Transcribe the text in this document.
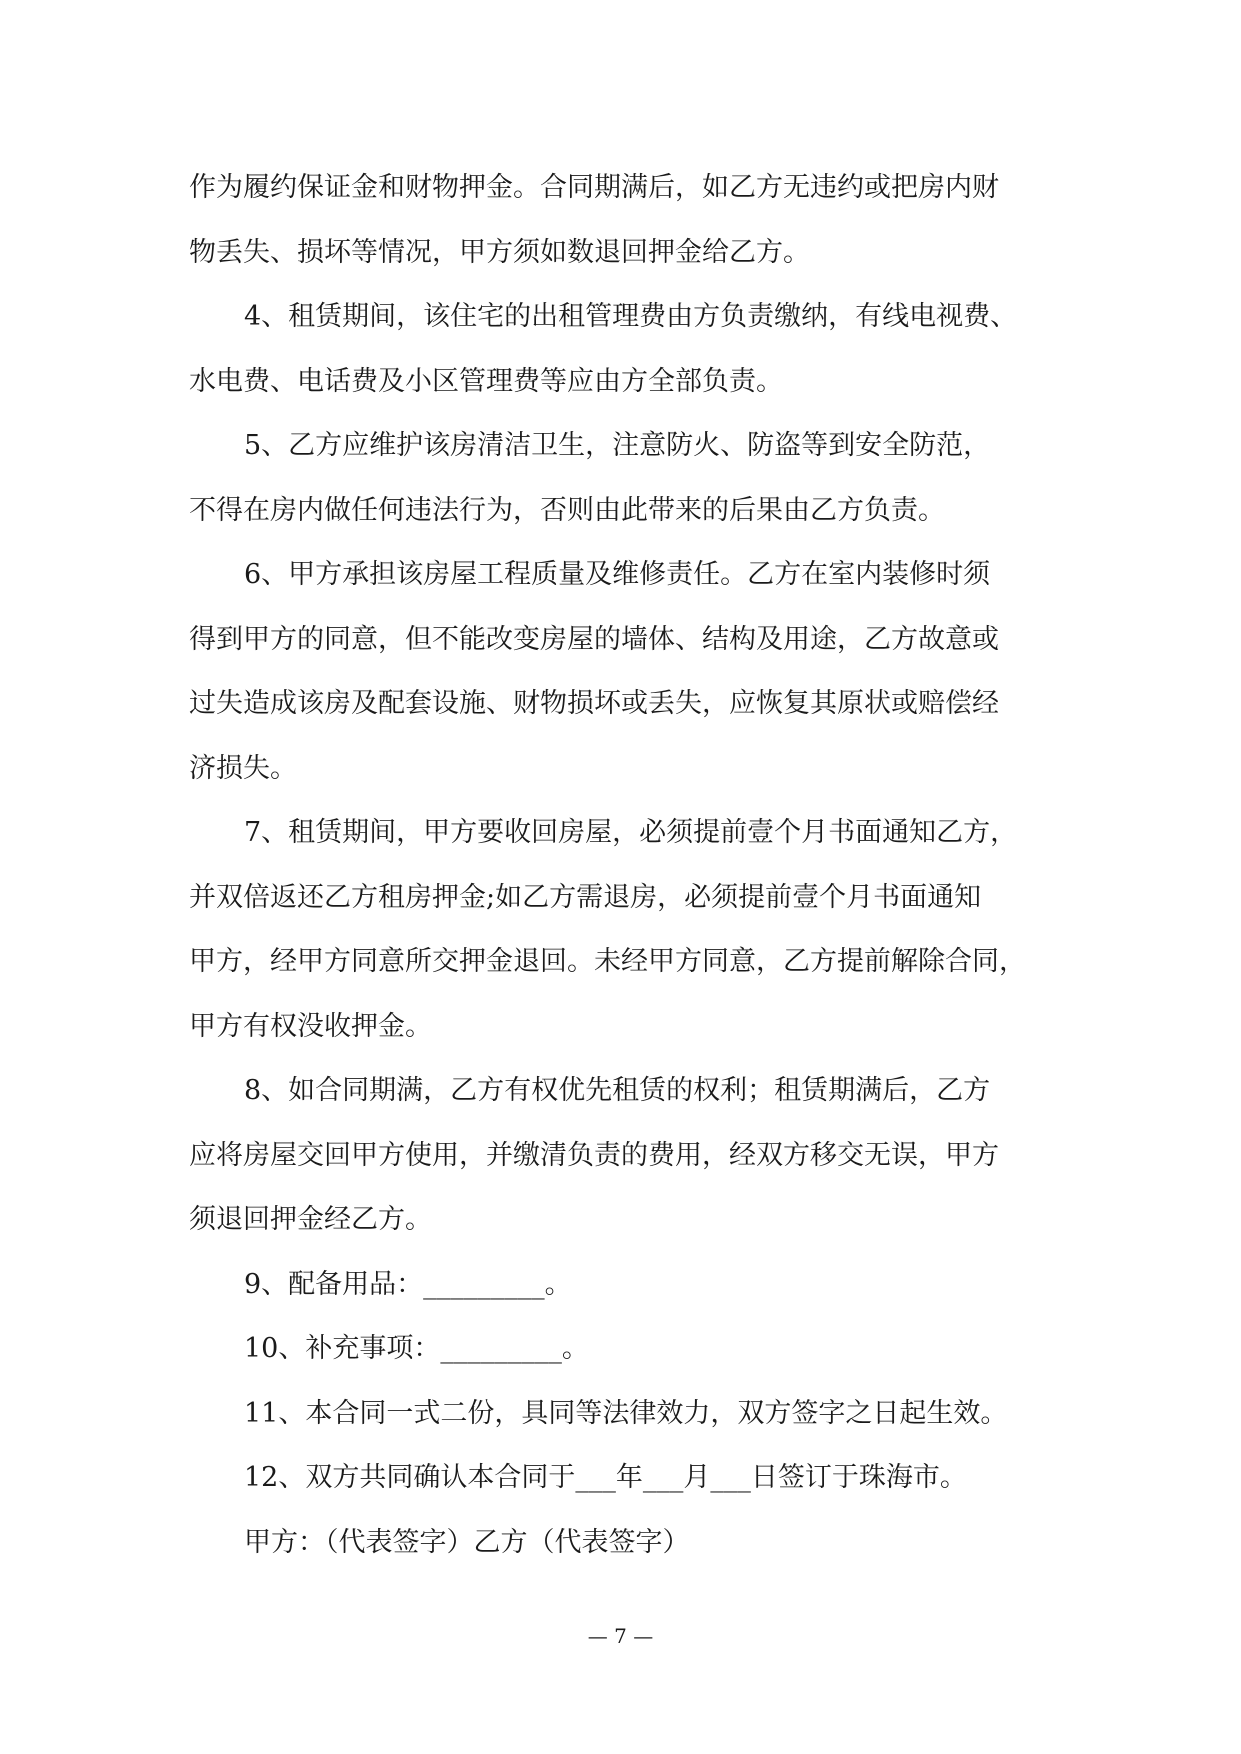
作为履约保证金和财物押金。合同期满后，如乙方无违约或把房内财
物丢失、损坏等情况，甲方须如数退回押金给乙方。
4、租赁期间，该住宅的出租管理费由方负责缴纳，有线电视费、
水电费、电话费及小区管理费等应由方全部负责。
5、乙方应维护该房清洁卫生，注意防火、防盗等到安全防范，
不得在房内做任何违法行为，否则由此带来的后果由乙方负责。
6、甲方承担该房屋工程质量及维修责任。乙方在室内装修时须
得到甲方的同意，但不能改变房屋的墙体、结构及用途，乙方故意或
过失造成该房及配套设施、财物损坏或丢失，应恢复其原状或赔偿经
济损失。
7、租赁期间，甲方要收回房屋，必须提前壹个月书面通知乙方，
并双倍返还乙方租房押金;如乙方需退房，必须提前壹个月书面通知
甲方，经甲方同意所交押金退回。未经甲方同意，乙方提前解除合同，
甲方有权没收押金。
8、如合同期满，乙方有权优先租赁的权利；租赁期满后，乙方
应将房屋交回甲方使用，并缴清负责的费用，经双方移交无误，甲方
须退回押金经乙方。
9、配备用品：_________。
10、补充事项：_________。
11、本合同一式二份，具同等法律效力，双方签字之日起生效。
12、双方共同确认本合同于___年___月___日签订于珠海市。
甲方：（代表签字）乙方（代表签字）

— 7 —
